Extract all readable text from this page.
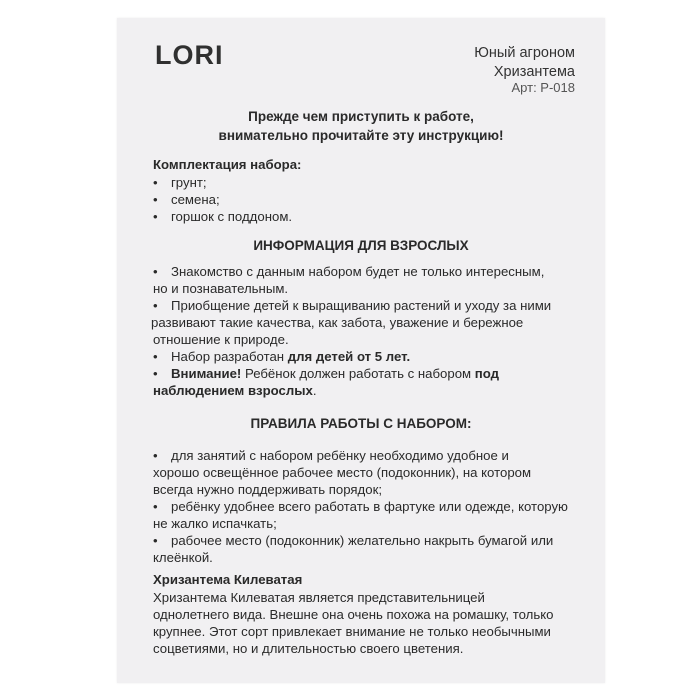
LORI	Юный агроном
Хризантема
Арт: P-018
Прежде чем приступить к работе,
внимательно прочитайте эту инструкцию!
Комплектация набора:
• грунт;
• семена;
• горшок с поддоном.
ИНФОРМАЦИЯ ДЛЯ ВЗРОСЛЫХ
• Знакомство с данным набором будет не только интересным,
но и познавательным.
• Приобщение детей к выращиванию растений и уходу за ними
развивают такие качества, как забота, уважение и бережное
отношение к природе.
• Набор разработан для детей от 5 лет.
• Внимание! Ребёнок должен работать с набором под
наблюдением взрослых.
ПРАВИЛА РАБОТЫ С НАБОРОМ:
• для занятий с набором ребёнку необходимо удобное и
хорошо освещённое рабочее место (подоконник), на котором
всегда нужно поддерживать порядок;
• ребёнку удобнее всего работать в фартуке или одежде, которую
не жалко испачкать;
• рабочее место (подоконник) желательно накрыть бумагой или
клеёнкой.
Хризантема Килеватая
Хризантема Килеватая является представительницей
однолетнего вида. Внешне она очень похожа на ромашку, только
крупнее. Этот сорт привлекает внимание не только необычными
соцветиями, но и длительностью своего цветения.
